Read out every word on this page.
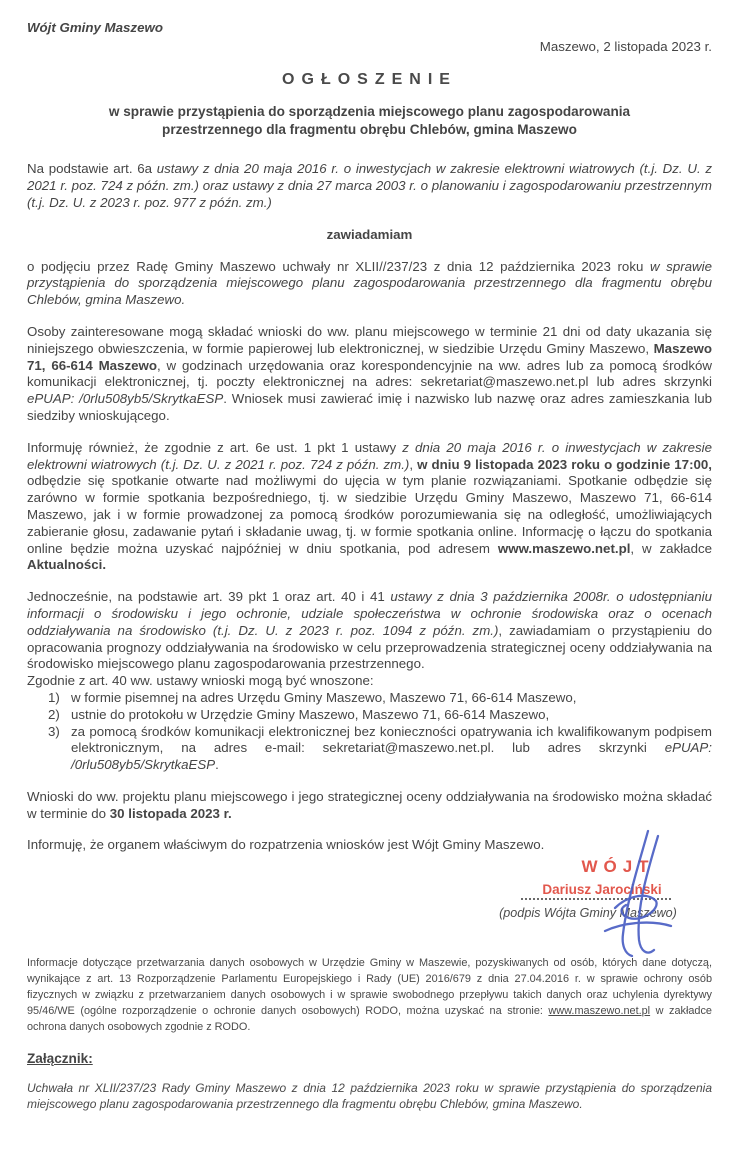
Wójt Gminy Maszewo
Maszewo, 2 listopada 2023 r.
OGŁOSZENIE
w sprawie przystąpienia do sporządzenia miejscowego planu zagospodarowania przestrzennego dla fragmentu obrębu Chlebów, gmina Maszewo

Na podstawie art. 6a ustawy z dnia 20 maja 2016 r. o inwestycjach w zakresie elektrowni wiatrowych (t.j. Dz. U. z 2021 r. poz. 724 z późn. zm.) oraz ustawy z dnia 27 marca 2003 r. o planowaniu i zagospodarowaniu przestrzennym (t.j. Dz. U. z 2023 r. poz. 977 z późn. zm.)

zawiadamiam

o podjęciu przez Radę Gminy Maszewo uchwały nr XLII//237/23 z dnia 12 października 2023 roku w sprawie przystąpienia do sporządzenia miejscowego planu zagospodarowania przestrzennego dla fragmentu obrębu Chlebów, gmina Maszewo.

Osoby zainteresowane mogą składać wnioski do ww. planu miejscowego w terminie 21 dni od daty ukazania się niniejszego obwieszczenia, w formie papierowej lub elektronicznej, w siedzibie Urzędu Gminy Maszewo, Maszewo 71, 66-614 Maszewo, w godzinach urzędowania oraz korespondencyjnie na ww. adres lub za pomocą środków komunikacji elektronicznej, tj. poczty elektronicznej na adres: sekretariat@maszewo.net.pl lub adres skrzynki ePUAP: /0rlu508yb5/SkrytkaESP. Wniosek musi zawierać imię i nazwisko lub nazwę oraz adres zamieszkania lub siedziby wnioskującego.

Informuję również, że zgodnie z art. 6e ust. 1 pkt 1 ustawy z dnia 20 maja 2016 r. o inwestycjach w zakresie elektrowni wiatrowych (t.j. Dz. U. z 2021 r. poz. 724 z późn. zm.), w dniu 9 listopada 2023 roku o godzinie 17:00, odbędzie się spotkanie otwarte nad możliwymi do ujęcia w tym planie rozwiązaniami. Spotkanie odbędzie się zarówno w formie spotkania bezpośredniego, tj. w siedzibie Urzędu Gminy Maszewo, Maszewo 71, 66-614 Maszewo, jak i w formie prowadzonej za pomocą środków porozumiewania się na odległość, umożliwiających zabieranie głosu, zadawanie pytań i składanie uwag, tj. w formie spotkania online. Informację o łączu do spotkania online będzie można uzyskać najpóźniej w dniu spotkania, pod adresem www.maszewo.net.pl, w zakładce Aktualności.

Jednocześnie, na podstawie art. 39 pkt 1 oraz art. 40 i 41 ustawy z dnia 3 października 2008r. o udostępnianiu informacji o środowisku i jego ochronie, udziale społeczeństwa w ochronie środowiska oraz o ocenach oddziaływania na środowisko (t.j. Dz. U. z 2023 r. poz. 1094 z późn. zm.), zawiadamiam o przystąpieniu do opracowania prognozy oddziaływania na środowisko w celu przeprowadzenia strategicznej oceny oddziaływania na środowisko miejscowego planu zagospodarowania przestrzennego.

Zgodnie z art. 40 ww. ustawy wnioski mogą być wnoszone:

1) w formie pisemnej na adres Urzędu Gminy Maszewo, Maszewo 71, 66-614 Maszewo,
2) ustnie do protokołu w Urzędzie Gminy Maszewo, Maszewo 71, 66-614 Maszewo,
3) za pomocą środków komunikacji elektronicznej bez konieczności opatrywania ich kwalifikowanym podpisem elektronicznym, na adres e-mail: sekretariat@maszewo.net.pl. lub adres skrzynki ePUAP: /0rlu508yb5/SkrytkaESP.

Wnioski do ww. projektu planu miejscowego i jego strategicznej oceny oddziaływania na środowisko można składać w terminie do 30 listopada 2023 r.

Informuję, że organem właściwym do rozpatrzenia wniosków jest Wójt Gminy Maszewo.

WÓJT
Dariusz Jarociński
(podpis Wójta Gminy Maszewo)
Informacje dotyczące przetwarzania danych osobowych w Urzędzie Gminy w Maszewie, pozyskiwanych od osób, których dane dotyczą, wynikające z art. 13 Rozporządzenie Parlamentu Europejskiego i Rady (UE) 2016/679 z dnia 27.04.2016 r. w sprawie ochrony osób fizycznych w związku z przetwarzaniem danych osobowych i w sprawie swobodnego przepływu takich danych oraz uchylenia dyrektywy 95/46/WE (ogólne rozporządzenie o ochronie danych osobowych) RODO, można uzyskać na stronie: www.maszewo.net.pl w zakładce ochrona danych osobowych zgodnie z RODO.
Załącznik:
Uchwała nr XLII/237/23 Rady Gminy Maszewo z dnia 12 października 2023 roku w sprawie przystąpienia do sporządzenia miejscowego planu zagospodarowania przestrzennego dla fragmentu obrębu Chlebów, gmina Maszewo.
